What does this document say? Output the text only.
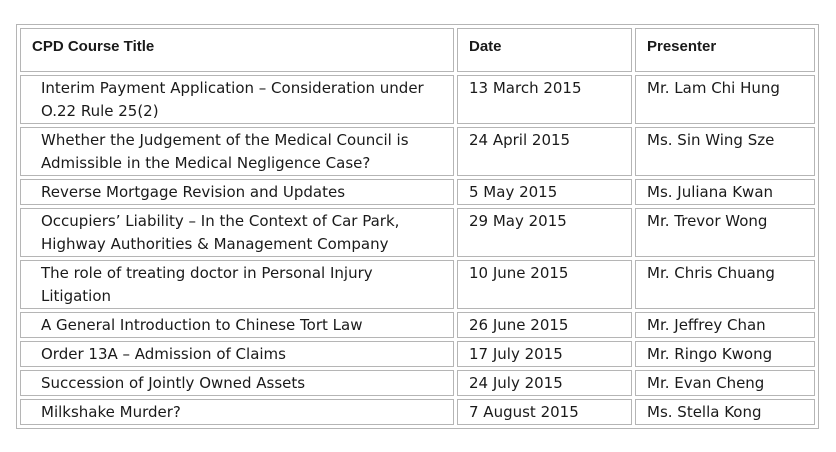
CPD Course Title	Date	Presenter
Interim Payment Application – Consideration under O.22 Rule 25(2)	13 March 2015	Mr. Lam Chi Hung
Whether the Judgement of the Medical Council is Admissible in the Medical Negligence Case?	24 April 2015	Ms. Sin Wing Sze
Reverse Mortgage Revision and Updates	5 May 2015	Ms. Juliana Kwan
Occupiers’ Liability – In the Context of Car Park, Highway Authorities & Management Company	29 May 2015	Mr. Trevor Wong
The role of treating doctor in Personal Injury Litigation	10 June 2015	Mr. Chris Chuang
A General Introduction to Chinese Tort Law	26 June 2015	Mr. Jeffrey Chan
Order 13A – Admission of Claims	17 July 2015	Mr. Ringo Kwong
Succession of Jointly Owned Assets	24 July 2015	Mr. Evan Cheng
Milkshake Murder?	7 August 2015	Ms. Stella Kong
